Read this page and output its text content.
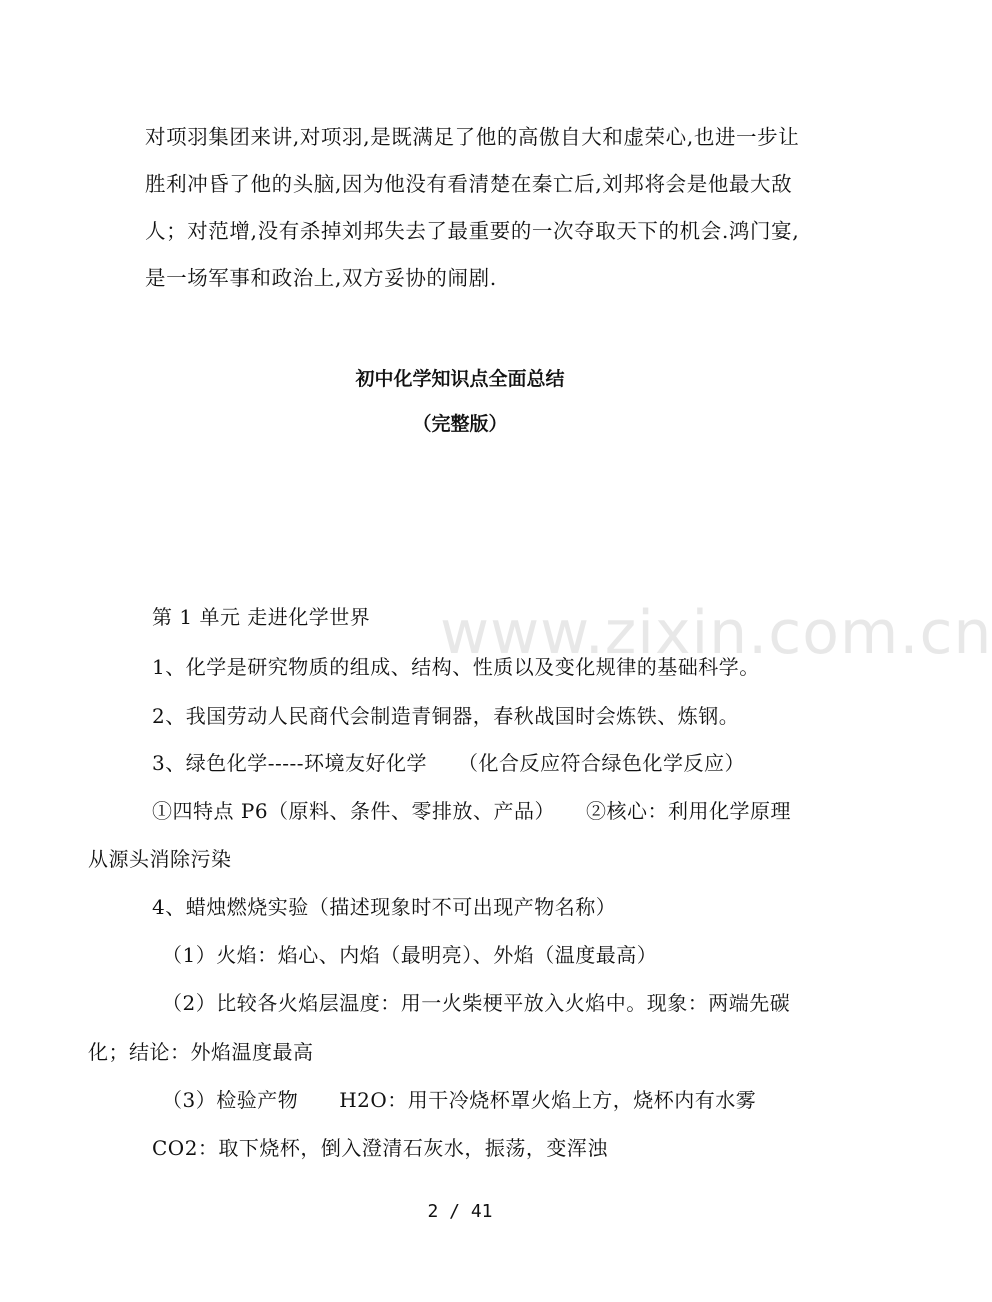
对项羽集团来讲,对项羽,是既满足了他的高傲自大和虚荣心,也进一步让
胜利冲昏了他的头脑,因为他没有看清楚在秦亡后,刘邦将会是他最大敌
人；对范增,没有杀掉刘邦失去了最重要的一次夺取天下的机会.鸿门宴,
是一场军事和政治上,双方妥协的闹剧.
初中化学知识点全面总结
（完整版）
www.zixin.com.cn
第 1 单元 走进化学世界
1、化学是研究物质的组成、结构、性质以及变化规律的基础科学。
2、我国劳动人民商代会制造青铜器，春秋战国时会炼铁、炼钢。
3、绿色化学-----环境友好化学　　（化合反应符合绿色化学反应）
①四特点 P6（原料、条件、零排放、产品）　　②核心：利用化学原理
从源头消除污染
4、蜡烛燃烧实验（描述现象时不可出现产物名称）
（1）火焰：焰心、内焰（最明亮）、外焰（温度最高）
（2）比较各火焰层温度：用一火柴梗平放入火焰中。现象：两端先碳
化；结论：外焰温度最高
（3）检验产物　　H2O：用干冷烧杯罩火焰上方，烧杯内有水雾
CO2：取下烧杯，倒入澄清石灰水，振荡，变浑浊
2 / 41
